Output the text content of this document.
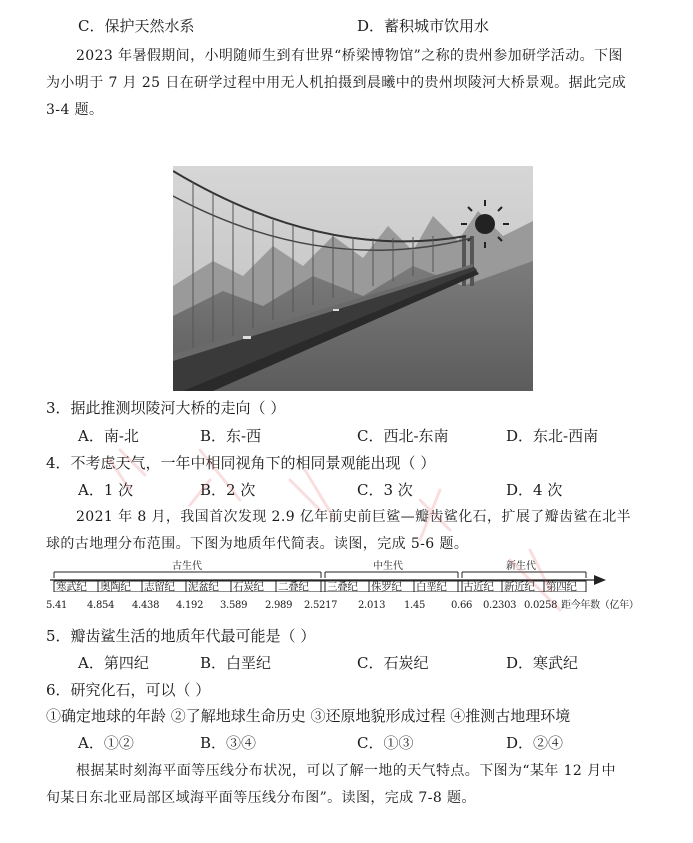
C．保护天然水系	D．蓄积城市饮用水
2023 年暑假期间，小明随师生到有世界“桥梁博物馆”之称的贵州参加研学活动。下图
为小明于 7 月 25 日在研学过程中用无人机拍摄到晨曦中的贵州坝陵河大桥景观。据此完成
3-4 题。
3．据此推测坝陵河大桥的走向（ ）
A．南-北	B．东-西	C．西北-东南	D．东北-西南
4．不考虑天气，一年中相同视角下的相同景观能出现（ ）
A．1 次	B．2 次	C．3 次	D．4 次
2021 年 8 月，我国首次发现 2.9 亿年前史前巨鲨—瓣齿鲨化石，扩展了瓣齿鲨在北半
球的古地理分布范围。下图为地质年代简表。读图，完成 5-6 题。
古生代	中生代	新生代
寒武纪 奥陶纪 志留纪 泥盆纪 石炭纪 二叠纪 三叠纪 侏罗纪 白垩纪 古近纪 新近纪 第四纪
5.41 4.854 4.438 4.192 3.589 2.989 2.5217 2.013 1.45	0.66 0.2303 0.0258 距今年数（亿年）
5．瓣齿鲨生活的地质年代最可能是（ ）
A．第四纪	B．白垩纪	C．石炭纪	D．寒武纪
6．研究化石，可以（ ）
①确定地球的年龄 ②了解地球生命历史 ③还原地貌形成过程 ④推测古地理环境
A．①②	B．③④	C．①③	D．②④
根据某时刻海平面等压线分布状况，可以了解一地的天气特点。下图为“某年 12 月中
旬某日东北亚局部区域海平面等压线分布图”。读图，完成 7-8 题。
